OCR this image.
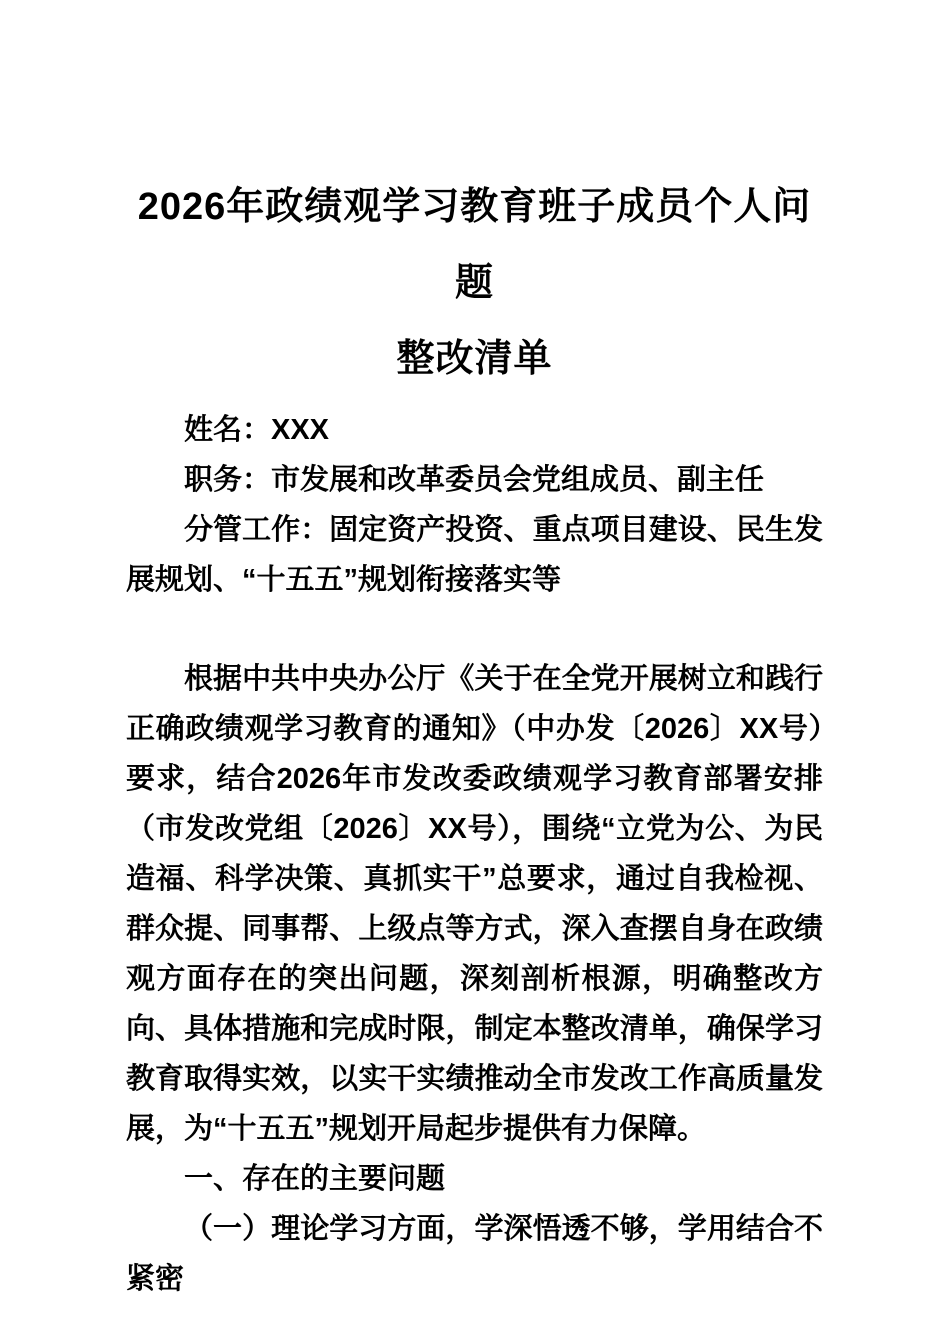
2026年政绩观学习教育班子成员个人问题
整改清单

姓名：XXX

职务：市发展和改革委员会党组成员、副主任

分管工作：固定资产投资、重点项目建设、民生发展规划、“十五五”规划衔接落实等

根据中共中央办公厅《关于在全党开展树立和践行正确政绩观学习教育的通知》（中办发〔2026〕XX号）要求，结合2026年市发改委政绩观学习教育部署安排（市发改党组〔2026〕XX号），围绕“立党为公、为民造福、科学决策、真抓实干”总要求，通过自我检视、群众提、同事帮、上级点等方式，深入查摆自身在政绩观方面存在的突出问题，深刻剖析根源，明确整改方向、具体措施和完成时限，制定本整改清单，确保学习教育取得实效，以实干实绩推动全市发改工作高质量发展，为“十五五”规划开局起步提供有力保障。

一、存在的主要问题

（一）理论学习方面，学深悟透不够，学用结合不紧密
